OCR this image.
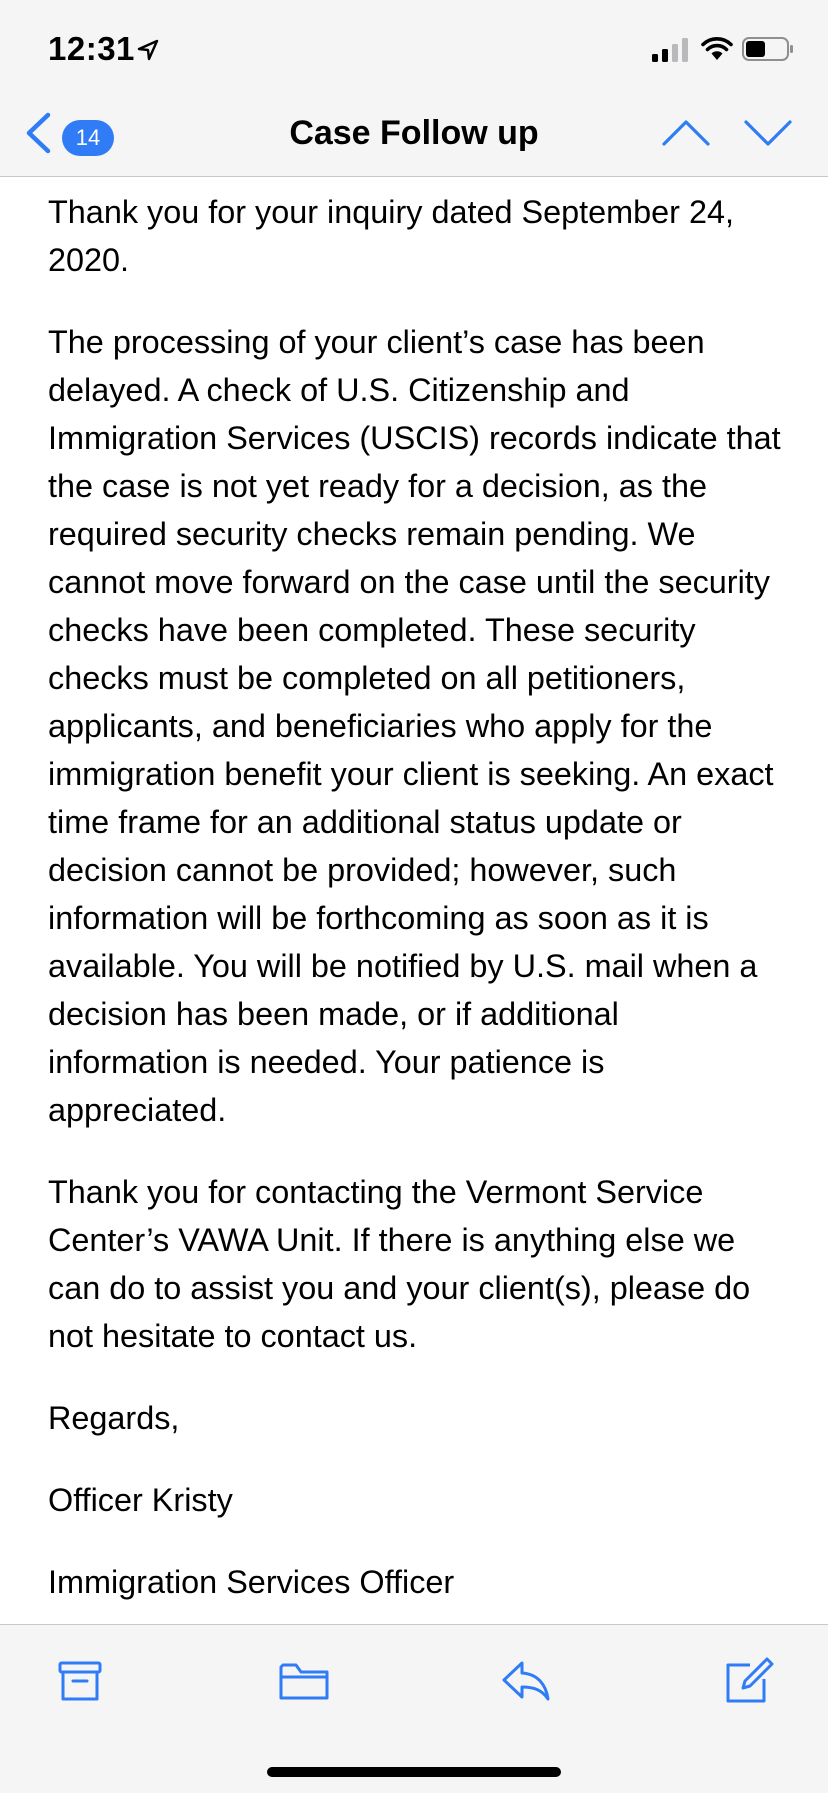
12:31
14	Case Follow up

Thank you for your inquiry dated September 24, 2020.

The processing of your client’s case has been delayed. A check of U.S. Citizenship and Immigration Services (USCIS) records indicate that the case is not yet ready for a decision, as the required security checks remain pending. We cannot move forward on the case until the security checks have been completed. These security checks must be completed on all petitioners, applicants, and beneficiaries who apply for the immigration benefit your client is seeking. An exact time frame for an additional status update or decision cannot be provided; however, such information will be forthcoming as soon as it is available. You will be notified by U.S. mail when a decision has been made, or if additional information is needed. Your patience is appreciated.

Thank you for contacting the Vermont Service Center’s VAWA Unit. If there is anything else we can do to assist you and your client(s), please do not hesitate to contact us.

Regards,

Officer Kristy

Immigration Services Officer
